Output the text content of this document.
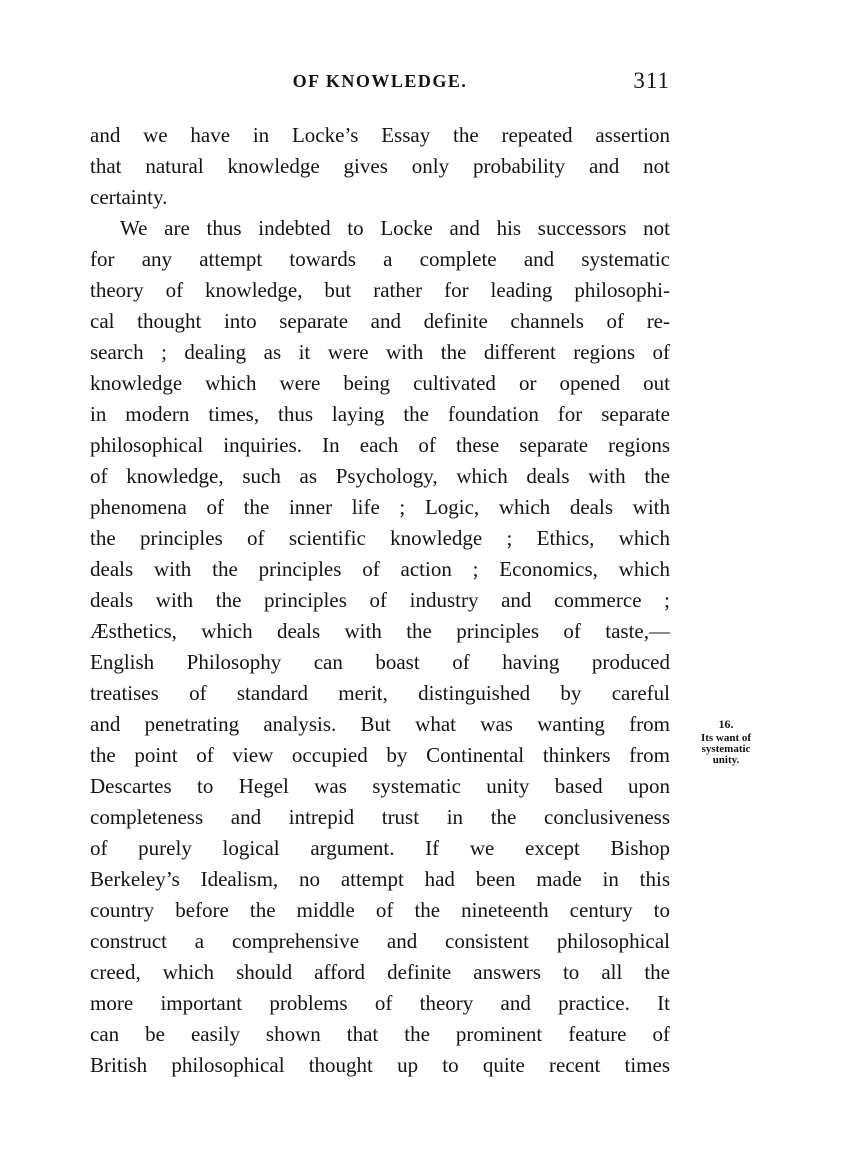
OF KNOWLEDGE.	311
and we have in Locke’s Essay the repeated assertion
that natural knowledge gives only probability and not
certainty.
We are thus indebted to Locke and his successors not
for any attempt towards a complete and systematic
theory of knowledge, but rather for leading philosophi-
cal thought into separate and definite channels of re-
search ; dealing as it were with the different regions of
knowledge which were being cultivated or opened out
in modern times, thus laying the foundation for separate
philosophical inquiries. In each of these separate regions
of knowledge, such as Psychology, which deals with the
phenomena of the inner life ; Logic, which deals with
the principles of scientific knowledge ; Ethics, which
deals with the principles of action ; Economics, which
deals with the principles of industry and commerce ;
Æsthetics, which deals with the principles of taste,—
English Philosophy can boast of having produced
treatises of standard merit, distinguished by careful
and penetrating analysis. But what was wanting from
the point of view occupied by Continental thinkers from
Descartes to Hegel was systematic unity based upon
completeness and intrepid trust in the conclusiveness
of purely logical argument. If we except Bishop
Berkeley’s Idealism, no attempt had been made in this
country before the middle of the nineteenth century to
construct a comprehensive and consistent philosophical
creed, which should afford definite answers to all the
more important problems of theory and practice. It
can be easily shown that the prominent feature of
British philosophical thought up to quite recent times
16.
Its want of
systematic
unity.
